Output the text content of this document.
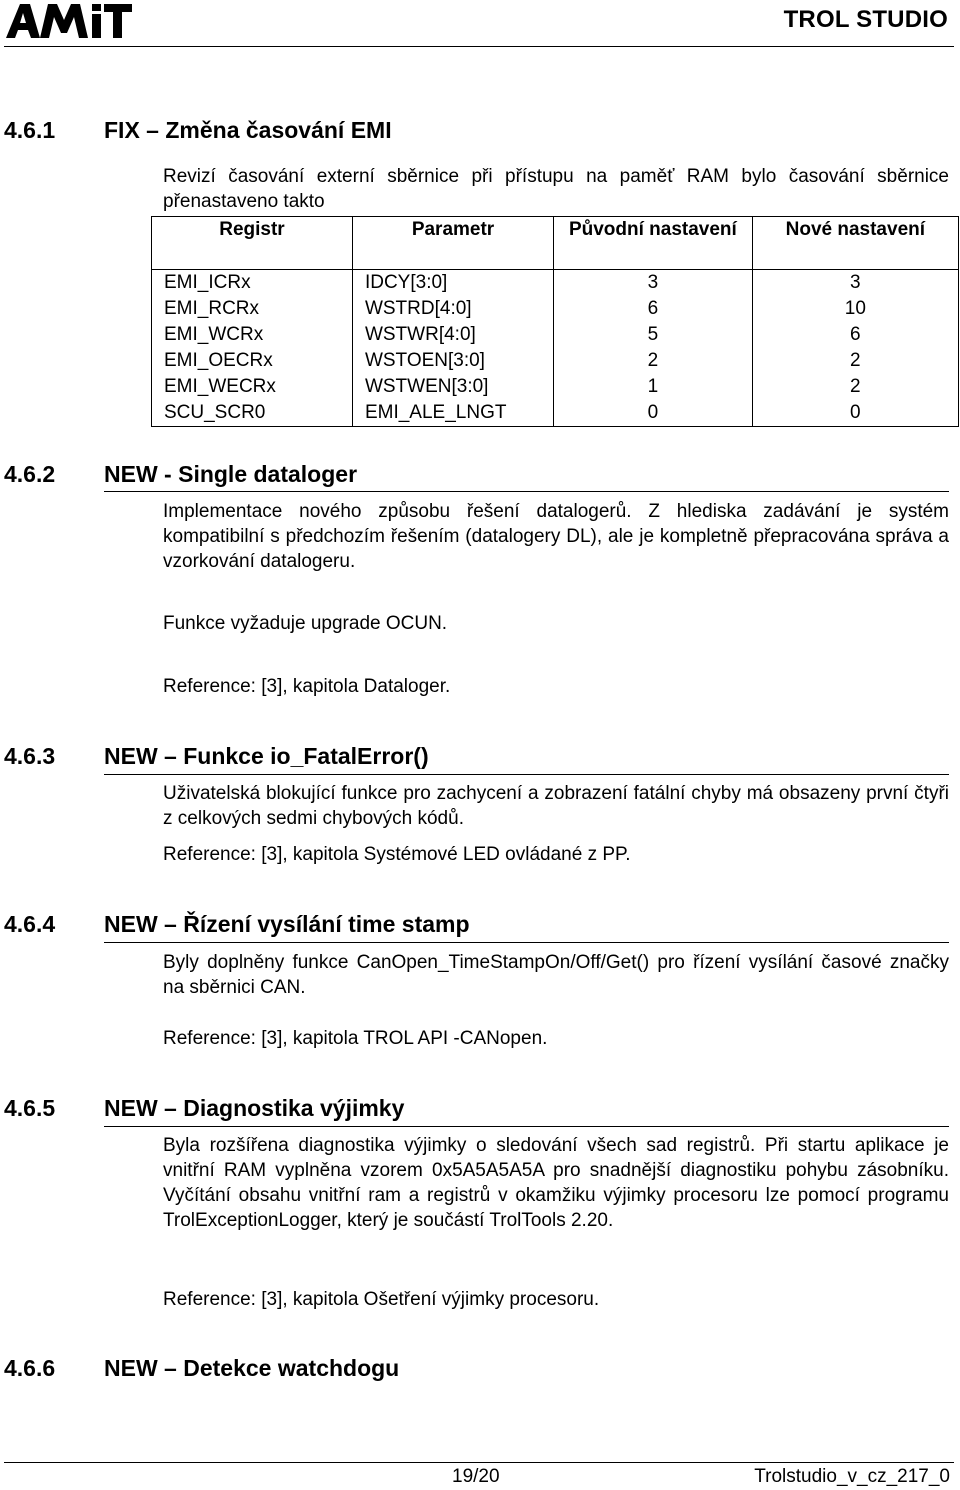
TROL STUDIO
4.6.1 FIX – Změna časování EMI
Revizí časování externí sběrnice při přístupu na paměť RAM bylo časování sběrnice přenastaveno takto
Registr	Parametr	Původní nastavení	Nové nastavení
EMI_ICRx	IDCY[3:0]	3	3
EMI_RCRx	WSTRD[4:0]	6	10
EMI_WCRx	WSTWR[4:0]	5	6
EMI_OECRx	WSTOEN[3:0]	2	2
EMI_WECRx	WSTWEN[3:0]	1	2
SCU_SCR0	EMI_ALE_LNGT	0	0
4.6.2 NEW - Single dataloger
Implementace nového způsobu řešení datalogerů. Z hlediska zadávání je systém kompatibilní s předchozím řešením (datalogery DL), ale je kompletně přepracována správa a vzorkování datalogeru.
Funkce vyžaduje upgrade OCUN.
Reference: [3], kapitola Dataloger.
4.6.3 NEW – Funkce io_FatalError()
Uživatelská blokující funkce pro zachycení a zobrazení fatální chyby má obsazeny první čtyři z celkových sedmi chybových kódů.
Reference: [3], kapitola Systémové LED ovládané z PP.
4.6.4 NEW – Řízení vysílání time stamp
Byly doplněny funkce CanOpen_TimeStampOn/Off/Get() pro řízení vysílání časové značky na sběrnici CAN.
Reference: [3], kapitola TROL API -CANopen.
4.6.5 NEW – Diagnostika výjimky
Byla rozšířena diagnostika výjimky o sledování všech sad registrů. Při startu aplikace je vnitřní RAM vyplněna vzorem 0x5A5A5A5A pro snadnější diagnostiku pohybu zásobníku. Vyčítání obsahu vnitřní ram a registrů v okamžiku výjimky procesoru lze pomocí programu TrolExceptionLogger, který je součástí TrolTools 2.20.
Reference: [3], kapitola Ošetření výjimky procesoru.
4.6.6 NEW – Detekce watchdogu
19/20	Trolstudio_v_cz_217_0
